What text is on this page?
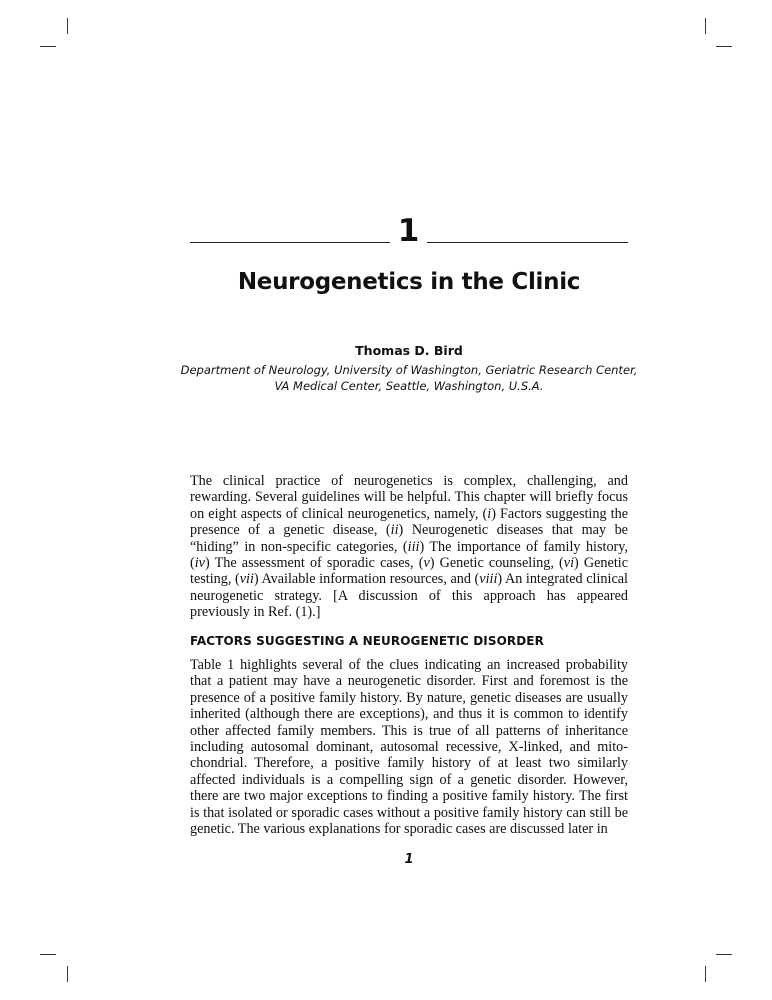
1
Neurogenetics in the Clinic
Thomas D. Bird
Department of Neurology, University of Washington, Geriatric Research Center,
VA Medical Center, Seattle, Washington, U.S.A.
The clinical practice of neurogenetics is complex, challenging, and rewarding. Several guidelines will be helpful. This chapter will briefly focus on eight aspects of clinical neurogenetics, namely, (i) Factors suggesting the presence of a genetic disease, (ii) Neurogenetic diseases that may be “hiding” in non-specific categories, (iii) The importance of family history, (iv) The assessment of sporadic cases, (v) Genetic counseling, (vi) Genetic testing, (vii) Available information resources, and (viii) An integrated clinical neurogenetic strategy. [A discussion of this approach has appeared previously in Ref. (1).]
FACTORS SUGGESTING A NEUROGENETIC DISORDER
Table 1 highlights several of the clues indicating an increased probability that a patient may have a neurogenetic disorder. First and foremost is the presence of a positive family history. By nature, genetic diseases are usually inherited (although there are exceptions), and thus it is common to identify other affected family members. This is true of all patterns of inheritance including autosomal dominant, autosomal recessive, X-linked, and mito-chondrial. Therefore, a positive family history of at least two similarly affected individuals is a compelling sign of a genetic disorder. However, there are two major exceptions to finding a positive family history. The first is that isolated or sporadic cases without a positive family history can still be genetic. The various explanations for sporadic cases are discussed later in
1
